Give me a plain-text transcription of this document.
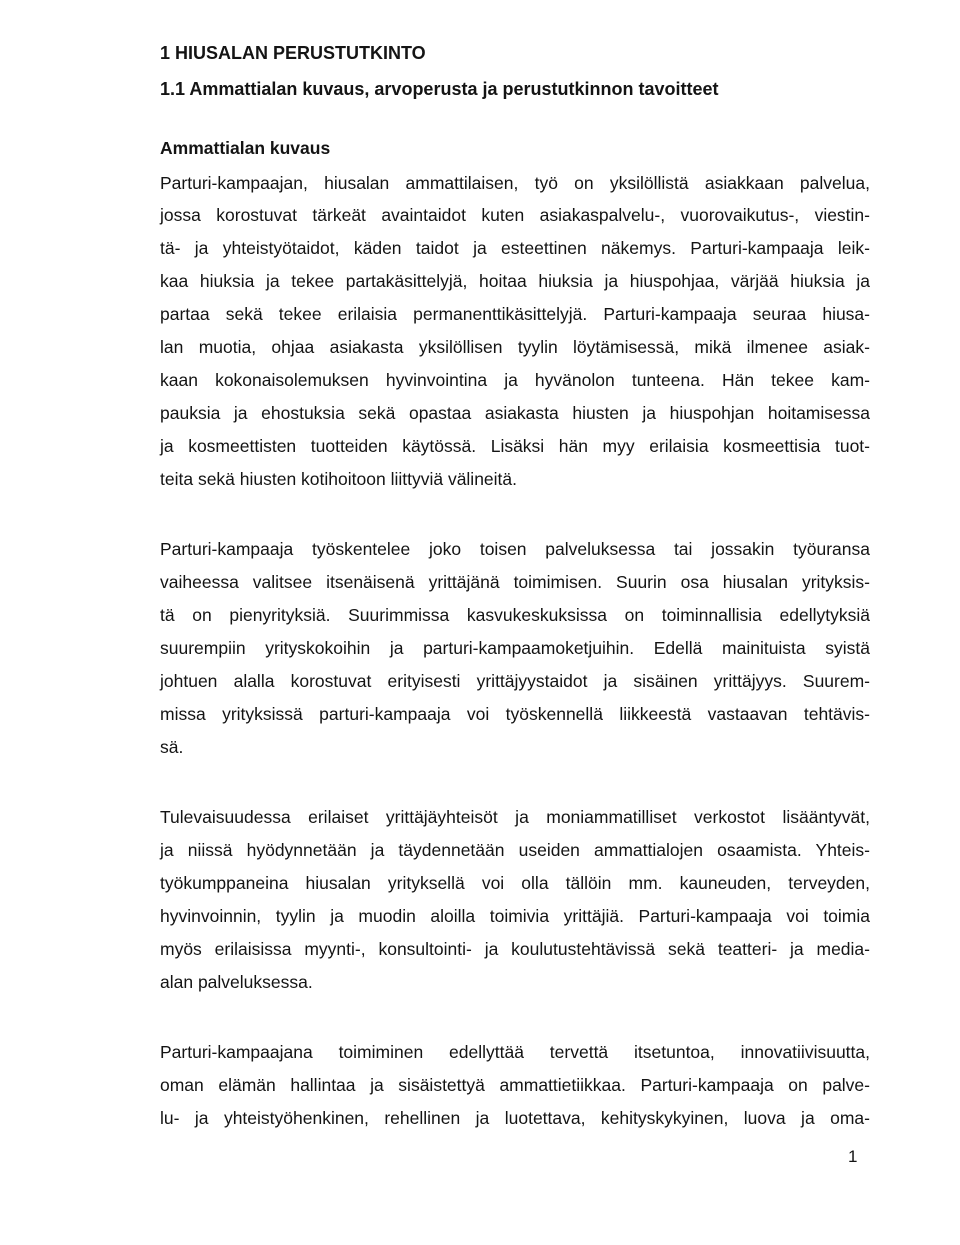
1 HIUSALAN PERUSTUTKINTO

1.1 Ammattialan kuvaus, arvoperusta ja perustutkinnon tavoitteet

Ammattialan kuvaus

Parturi-kampaajan, hiusalan ammattilaisen, työ on yksilöllistä asiakkaan palvelua,

jossa korostuvat tärkeät avaintaidot kuten asiakaspalvelu-, vuorovaikutus-, viestin-

tä- ja yhteistyötaidot, käden taidot ja esteettinen näkemys. Parturi-kampaaja leik-

kaa hiuksia ja tekee partakäsittelyjä, hoitaa hiuksia ja hiuspohjaa, värjää hiuksia ja

partaa sekä tekee erilaisia permanenttikäsittelyjä. Parturi-kampaaja seuraa hiusa-

lan muotia, ohjaa asiakasta yksilöllisen tyylin löytämisessä, mikä ilmenee asiak-

kaan kokonaisolemuksen hyvinvointina ja hyvänolon tunteena. Hän tekee kam-

pauksia ja ehostuksia sekä opastaa asiakasta hiusten ja hiuspohjan hoitamisessa

ja kosmeettisten tuotteiden käytössä. Lisäksi hän myy erilaisia kosmeettisia tuot-

teita sekä hiusten kotihoitoon liittyviä välineitä.

Parturi-kampaaja työskentelee joko toisen palveluksessa tai jossakin työuransa

vaiheessa valitsee itsenäisenä yrittäjänä toimimisen. Suurin osa hiusalan yrityksis-

tä on pienyrityksiä. Suurimmissa kasvukeskuksissa on toiminnallisia edellytyksiä

suurempiin yrityskokoihin ja parturi-kampaamoketjuihin. Edellä mainituista syistä

johtuen alalla korostuvat erityisesti yrittäjyystaidot ja sisäinen yrittäjyys. Suurem-

missa yrityksissä parturi-kampaaja voi työskennellä liikkeestä vastaavan tehtävis-

sä.

Tulevaisuudessa erilaiset yrittäjäyhteisöt ja moniammatilliset verkostot lisääntyvät,

ja niissä hyödynnetään ja täydennetään useiden ammattialojen osaamista. Yhteis-

työkumppaneina hiusalan yrityksellä voi olla tällöin mm. kauneuden, terveyden,

hyvinvoinnin, tyylin ja muodin aloilla toimivia yrittäjiä. Parturi-kampaaja voi toimia

myös erilaisissa myynti-, konsultointi- ja koulutustehtävissä sekä teatteri- ja media-

alan palveluksessa.

Parturi-kampaajana toimiminen edellyttää tervettä itsetuntoa, innovatiivisuutta,

oman elämän hallintaa ja sisäistettyä ammattietiikkaa. Parturi-kampaaja on palve-

lu- ja yhteistyöhenkinen, rehellinen ja luotettava, kehityskykyinen, luova ja oma-

1
